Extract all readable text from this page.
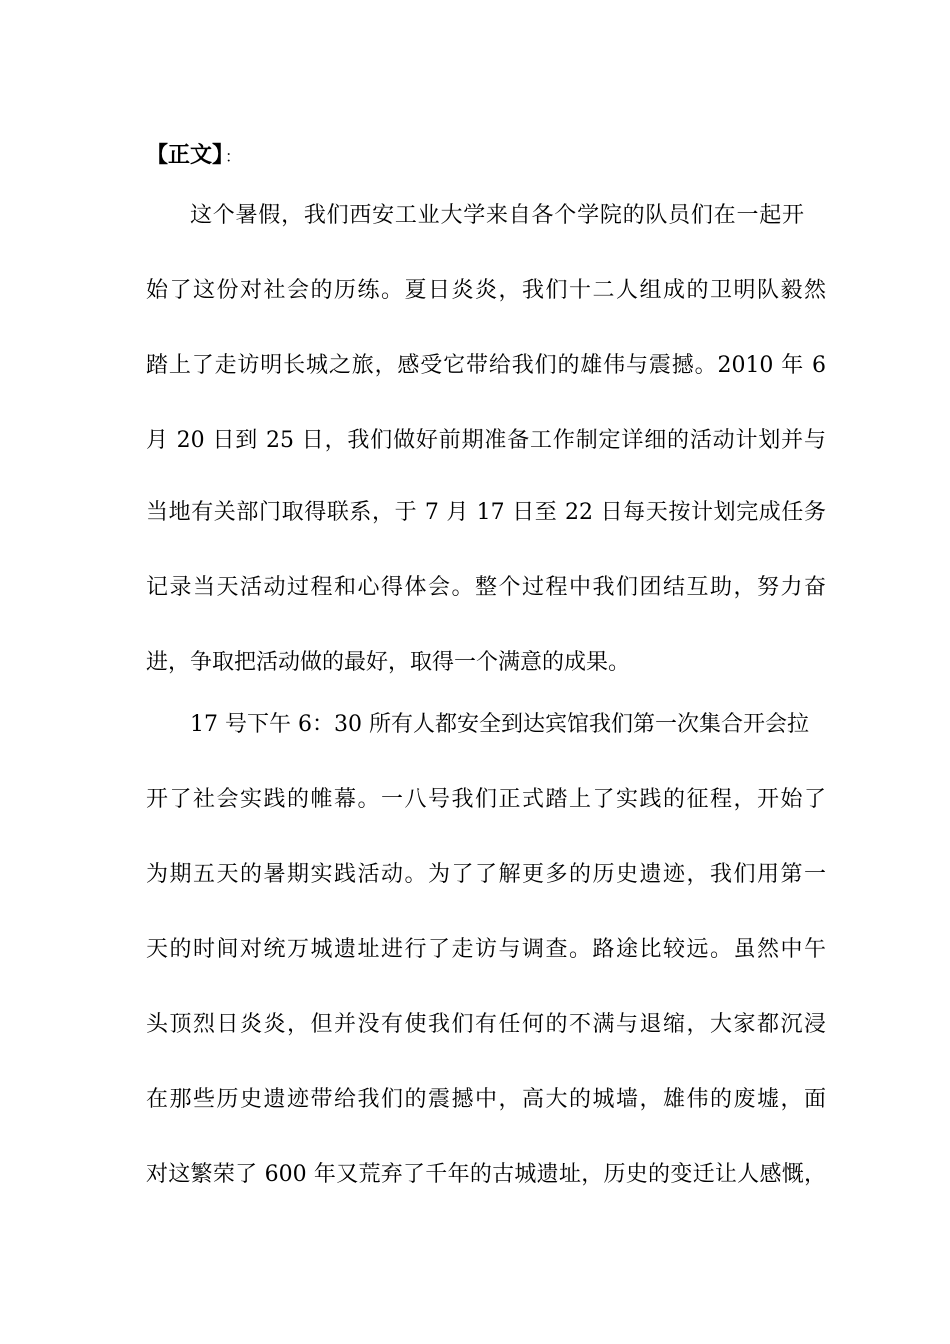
【正文】 ：
这个暑假，我们西安工业大学来自各个学院的队员们在一起开
始了这份对社会的历练。夏日炎炎，我们十二人组成的卫明队毅然
踏上了走访明长城之旅，感受它带给我们的雄伟与震撼。2010 年 6
月 20 日到 25 日，我们做好前期准备工作制定详细的活动计划并与
当地有关部门取得联系，于 7 月 17 日至 22 日每天按计划完成任务
记录当天活动过程和心得体会。整个过程中我们团结互助，努力奋
进，争取把活动做的最好，取得一个满意的成果。
17 号下午 6：30 所有人都安全到达宾馆我们第一次集合开会拉
开了社会实践的帷幕。一八号我们正式踏上了实践的征程，开始了
为期五天的暑期实践活动。为了了解更多的历史遗迹，我们用第一
天的时间对统万城遗址进行了走访与调查。路途比较远。虽然中午
头顶烈日炎炎，但并没有使我们有任何的不满与退缩，大家都沉浸
在那些历史遗迹带给我们的震撼中，高大的城墙，雄伟的废墟，面
对这繁荣了 600 年又荒弃了千年的古城遗址，历史的变迁让人感慨，
